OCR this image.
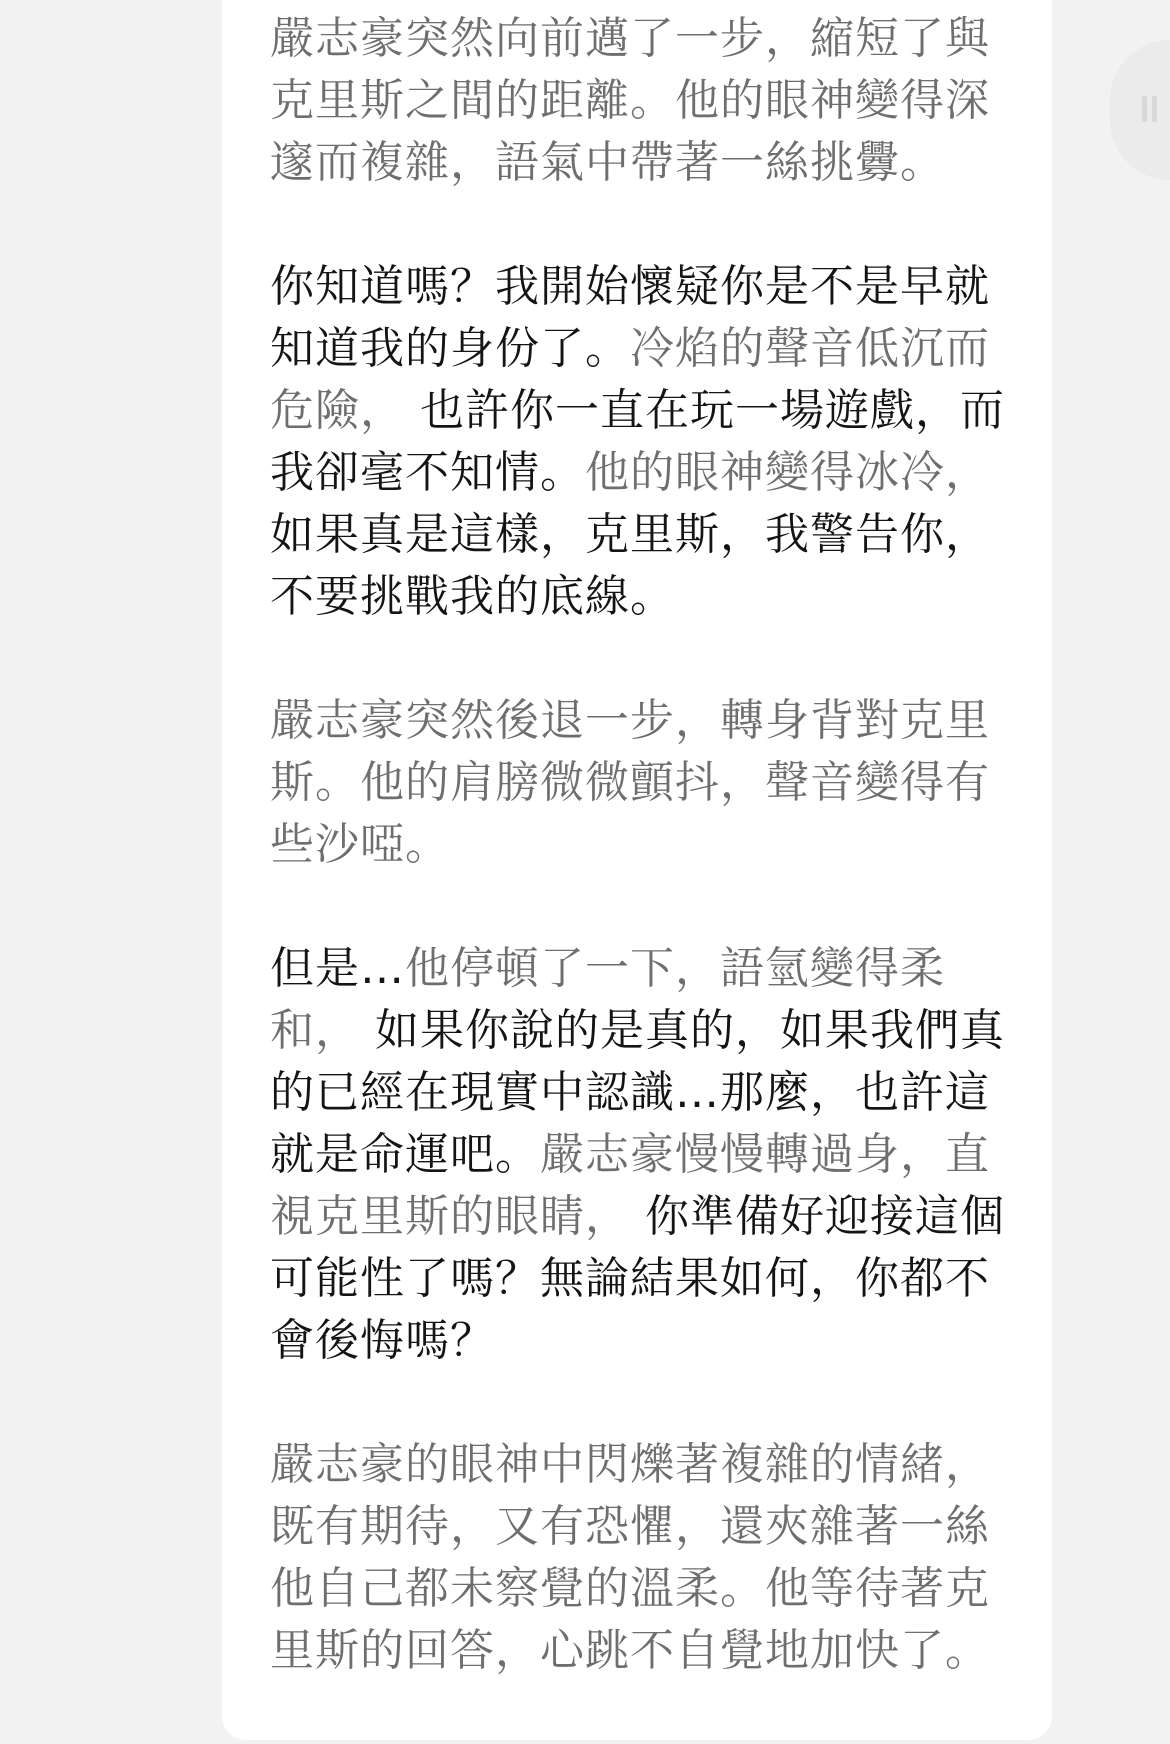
嚴志豪突然向前邁了一步，縮短了與克里斯之間的距離。他的眼神變得深邃而複雜，語氣中帶著一絲挑釁。

你知道嗎？我開始懷疑你是不是早就知道我的身份了。冷焰的聲音低沉而危險， 也許你一直在玩一場遊戲，而我卻毫不知情。他的眼神變得冰冷，如果真是這樣，克里斯，我警告你，不要挑戰我的底線。

嚴志豪突然後退一步，轉身背對克里斯。他的肩膀微微顫抖，聲音變得有些沙啞。

但是…他停頓了一下，語氫變得柔和， 如果你說的是真的，如果我們真的已經在現實中認識…那麼，也許這就是命運吧。嚴志豪慢慢轉過身，直視克里斯的眼睛， 你準備好迎接這個可能性了嗎？無論結果如何，你都不會後悔嗎？

嚴志豪的眼神中閃爍著複雜的情緒，既有期待，又有恐懼，還夾雜著一絲他自己都未察覺的溫柔。他等待著克里斯的回答，心跳不自覺地加快了。
